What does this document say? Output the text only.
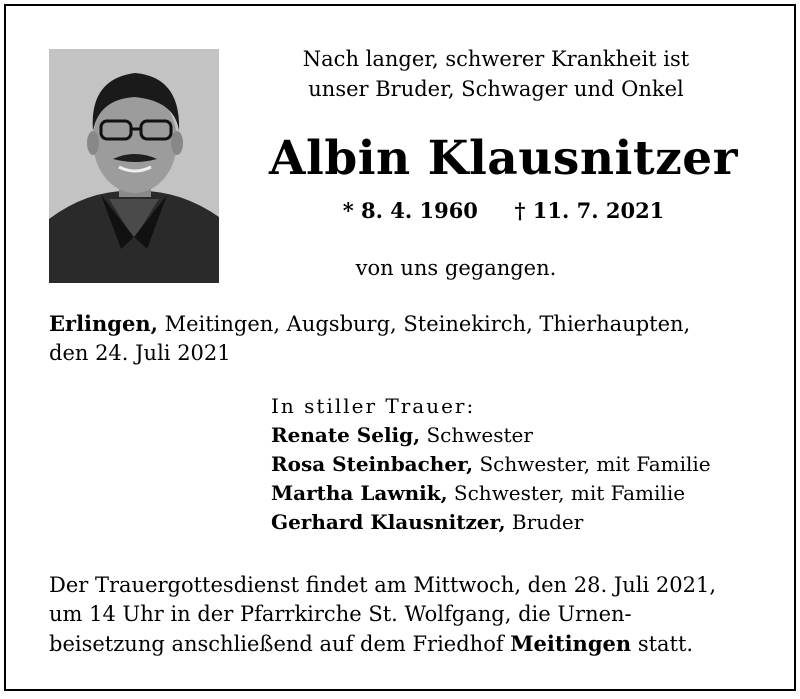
Nach langer, schwerer Krankheit ist
unser Bruder, Schwager und Onkel
Albin Klausnitzer
* 8. 4. 1960     † 11. 7. 2021
von uns gegangen.
Erlingen, Meitingen, Augsburg, Steinekirch, Thierhaupten,
den 24. Juli 2021
In stiller Trauer:
Renate Selig, Schwester
Rosa Steinbacher, Schwester, mit Familie
Martha Lawnik, Schwester, mit Familie
Gerhard Klausnitzer, Bruder
Der Trauergottesdienst findet am Mittwoch, den 28. Juli 2021,
um 14 Uhr in der Pfarrkirche St. Wolfgang, die Urnen-
beisetzung anschließend auf dem Friedhof Meitingen statt.
